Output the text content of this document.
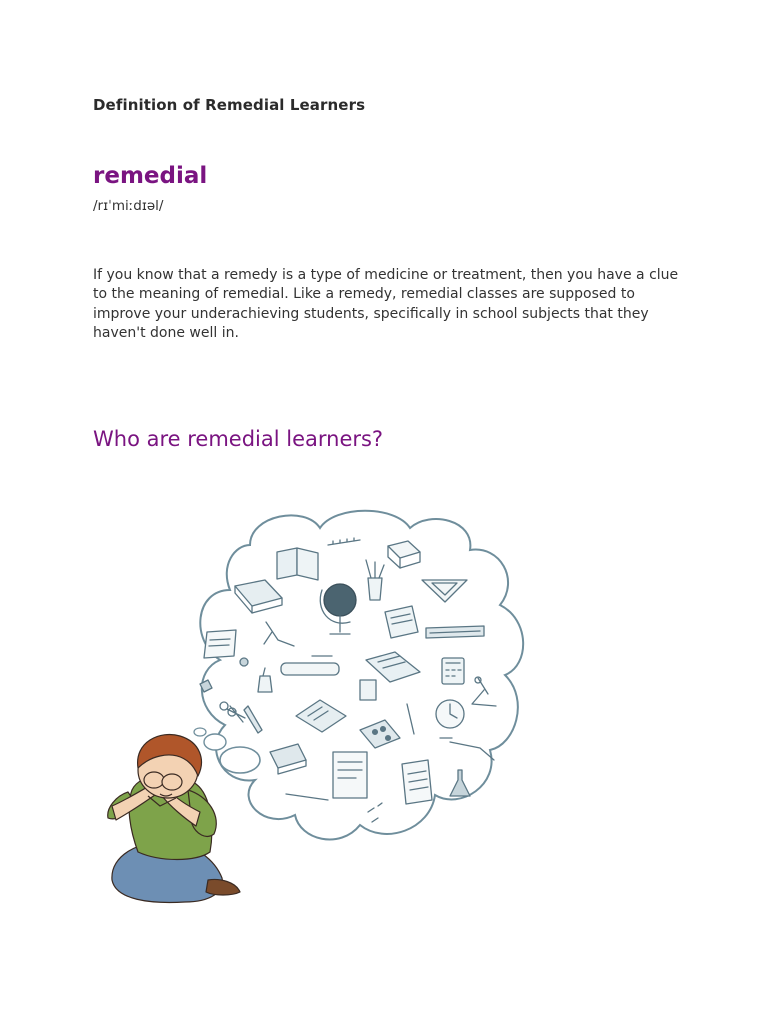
Definition of Remedial Learners
remedial
/rɪˈmiːdɪəl/

If you know that a remedy is a type of medicine or treatment, then you have a clue to the meaning of remedial. Like a remedy, remedial classes are supposed to improve your underachieving students, specifically in school subjects that they haven't done well in.

Who are remedial learners?
